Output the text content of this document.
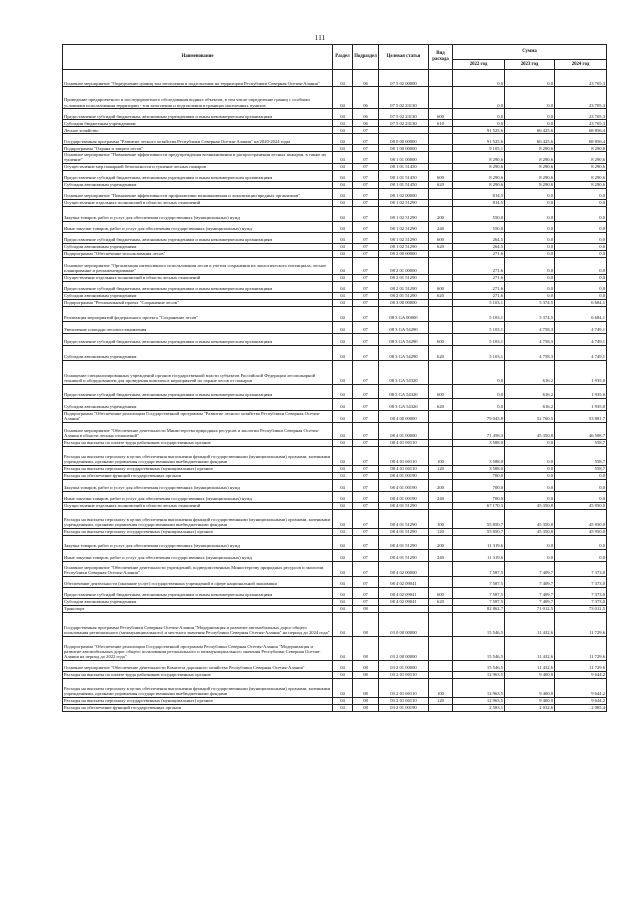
111
Наименование	Раздел	Подраздел	Целевая статья	Вид расхода	Сумма		
					2022 год	2023 год	2024 год
Основное мероприятие "Определение границ зон затопления и подтопления на территории Республики Северная Осетия-Алания"	04	06	07 5 02 00000		0,0	0,0	23 705,3
Проведение предпроектного и последпроектного обследования водных объектов, в том числе определение границ с особыми условиями использования территории - зон затопления и подтопления в границах населенных пунктов	04	06	07 5 02 23130		0,0	0,0	23 705,3
Предоставление субсидий бюджетным, автономным учреждениям и иным некоммерческим организациям	04	06	07 5 02 23130	600	0,0	0,0	23 705,3
Субсидии бюджетным учреждениям	04	06	07 5 02 23130	610	0,0	0,0	23 705,3
Лесное хозяйство	04	07			91 525,6	66 425,6	68 856,4
Государственная программа "Развитие лесного хозяйства Республики Северная Осетия-Алания" на 2020-2024 годы	04	07	08 0 00 00000		91 525,6	66 425,6	68 856,4
Подпрограмма "Охрана и защита лесов"	04	07	08 1 00 00000		9 105,1	8 290,6	8 290,6
Основное мероприятие "Повышение эффективности предупреждения возникновения и распространения лесных пожаров, в также их тушение"	04	07	08 1 01 00000		8 290,6	8 290,6	8 290,6
Осуществление мер пожарной безопасности и тушение лесных пожаров	04	07	08 1 01 51450		8 290,6	8 290,6	8 290,6
Предоставление субсидий бюджетным, автономным учреждениям и иным некоммерческим организациям	04	07	08 1 01 51450	600	8 290,6	8 290,6	8 290,6
Субсидии автономным учреждениям	04	07	08 1 01 51450	620	8 290,6	8 290,6	8 290,6
Основное мероприятие "Повышение эффективности профилактики возникновения и локализации вредных организмов"	04	07	08 1 02 00000		814,5	0,0	0,0
Осуществление отдельных полномочий в области лесных отношений	04	07	08 1 02 51290		814,5	0,0	0,0
Закупка товаров, работ и услуг для обеспечения государственных (муниципальных) нужд	04	07	08 1 02 51290	200	550,0	0,0	0,0
Иные закупки товаров, работ и услуг для обеспечения государственных (муниципальных) нужд	04	07	08 1 02 51290	240	550,0	0,0	0,0
Предоставление субсидий бюджетным, автономным учреждениям и иным некоммерческим организациям	04	07	08 1 02 51290	600	264,5	0,0	0,0
Субсидии автономным учреждениям	04	07	08 1 02 51290	620	264,5	0,0	0,0
Подпрограмма "Обеспечение использования лесов"	04	07	08 2 00 00000		271,6	0,0	0,0
Основное мероприятие "Организация интенсивного использования лесов в учетом сохранения их экологического потенциала, лесное планирование и регламентирование"	04	07	08 2 01 00000		271,6	0,0	0,0
Осуществление отдельных полномочий в области лесных отношений	04	07	08 2 01 51290		271,6	0,0	0,0
Предоставление субсидий бюджетным, автономным учреждениям и иным некоммерческим организациям	04	07	08 2 01 51290	600	271,6	0,0	0,0
Субсидии автономным учреждениям	04	07	08 2 01 51290	620	271,6	0,0	0,0
Подпрограмма "Региональный проект "Сохранение лесов"	04	07	08 3 00 00000		5 103,1	5 374,5	6 684,1
Реализация мероприятий федерального проекта "Сохранение лесов"	04	07	08 3 GA 00000		5 103,1	5 374,5	6 684,1
Увеличение площади лесовосстановления	04	07	08 3 GA 54290		5 103,1	4 758,3	4 749,1
Предоставление субсидий бюджетным, автономным учреждениям и иным некоммерческим организациям	04	07	08 3 GA 54290	600	5 103,1	4 758,3	4 749,1
Субсидии автономным учреждениям	04	07	08 3 GA 54290	620	5 103,1	4 758,3	4 749,1
Оснащение специализированных учреждений органов государственной власти субъектов Российской Федерации лесопожарной техникой и оборудованием для проведения комплекса мероприятий по охране лесов от пожаров	04	07	08 3 GA 54320		0,0	616,2	1 935,0
Предоставление субсидий бюджетным, автономным учреждениям и иным некоммерческим организациям	04	07	08 3 GA 54320	600	0,0	616,2	1 935,0
Субсидии автономным учреждениям	04	07	08 3 GA 54320	620	0,0	616,2	1 935,0
Подпрограмма "Обеспечение реализации Государственной программы "Развитие лесного хозяйства Республики Северная Осетия-Алания"	04	07	08 4 00 00000		79 045,8	52 760,5	53 881,7
Основное мероприятие "Обеспечение деятельности Министерства природных ресурсов и экологии Республики Северная Осетия-Алания в области лесных отношений"	04	07	08 4 01 00000		71 458,3	45 350,8	46 508,7
Расходы на выплаты по оплате труда работников государственных органов	04	07	08 4 01 00110		3 588,0	0,0	558,7
Расходы на выплаты персоналу в целях обеспечения выполнения функций государственными (муниципальными) органами, казенными учреждениями, органами управления государственными внебюджетными фондами	04	07	08 4 01 00110	100	3 588,0	0,0	558,7
Расходы на выплаты персоналу государственных (муниципальных) органов	04	07	08 4 01 00110	120	3 588,0	0,0	558,7
Расходы на обеспечение функций государственных органов	04	07	08 4 01 00190		700,0	0,0	0,0
Закупка товаров, работ и услуг для обеспечения государственных (муниципальных) нужд	04	07	08 4 01 00190	200	700,0	0,0	0,0
Иные закупки товаров, работ и услуг для обеспечения государственных (муниципальных) нужд	04	07	08 4 01 00190	240	700,0	0,0	0,0
Осуществление отдельных полномочий в области лесных отношений	04	07	08 4 01 51290		67 170,3	45 350,8	45 950,0
Расходы на выплаты персоналу в целях обеспечения выполнения функций государственными (муниципальными) органами, казенными учреждениями, органами управления государственными внебюджетными фондами	04	07	08 4 01 51290	100	55 850,7	45 350,8	45 950,0
Расходы на выплаты персоналу государственных (муниципальных) органов	04	07	08 4 01 51290	120	55 850,7	45 350,8	45 950,0
Закупка товаров, работ и услуг для обеспечения государственных (муниципальных) нужд	04	07	08 4 01 51290	200	11 319,6	0,0	0,0
Иные закупки товаров, работ и услуг для обеспечения государственных (муниципальных) нужд	04	07	08 4 01 51290	240	11 319,6	0,0	0,0
Основное мероприятие "Обеспечение деятельности учреждений, подведомственных Министерству природных ресурсов и экологии Республики Северная Осетия-Алания"	04	07	08 4 02 00000		7 587,5	7 409,7	7 373,0
Обеспечение деятельности (оказание услуг) государственных учреждений в сфере национальной экономики	04	07	08 4 02 09041		7 587,5	7 409,7	7 373,0
Предоставление субсидий бюджетным, автономным учреждениям и иным некоммерческим организациям	04	07	08 4 02 09041	600	7 587,5	7 409,7	7 373,0
Субсидии автономным учреждениям	04	07	08 4 02 09041	620	7 587,5	7 409,7	7 373,0
Транспорт	04	08			82 862,7	71 012,5	73 012,5
Государственная программа Республики Северная Осетия-Алания "Модернизация и развитие автомобильных дорог общего пользования регионального (межмуниципального) и местного значения Республики Северная Осетия-Алания" на период до 2024 года"	04	08	03 0 00 00000		15 546,5	11 432,6	11 729,6
Подпрограмма "Обеспечение реализации Государственной программы Республики Северная Осетия-Алания "Модернизация и развитие автомобильных дорог общего пользования регионального и межмуниципального значения Республики Северная Осетия-Алания на период до 2022 года"	04	08	03 2 00 00000		15 546,5	11 432,6	11 729,6
Основное мероприятие "Обеспечение деятельности Комитета дорожного хозяйства Республики Северная Осетия-Алания"	04	08	03 2 01 00000		15 546,5	11 432,6	11 729,6
Расходы на выплаты по оплате труда работников государственных органов	04	08	03 2 01 00110		12 963,5	9 400,0	9 644,2
Расходы на выплаты персоналу в целях обеспечения выполнения функций государственными (муниципальными) органами, казенными учреждениями, органами управления государственными внебюджетными фондами	04	08	03 2 01 00110	100	12 963,5	9 400,0	9 644,2
Расходы на выплаты персоналу государственных (муниципальных) органов	04	08	03 2 01 00110	120	12 963,5	9 400,0	9 644,2
Расходы на обеспечение функций государственных органов	04	08	03 2 01 00190		2 583,1	2 032,6	2 085,4
